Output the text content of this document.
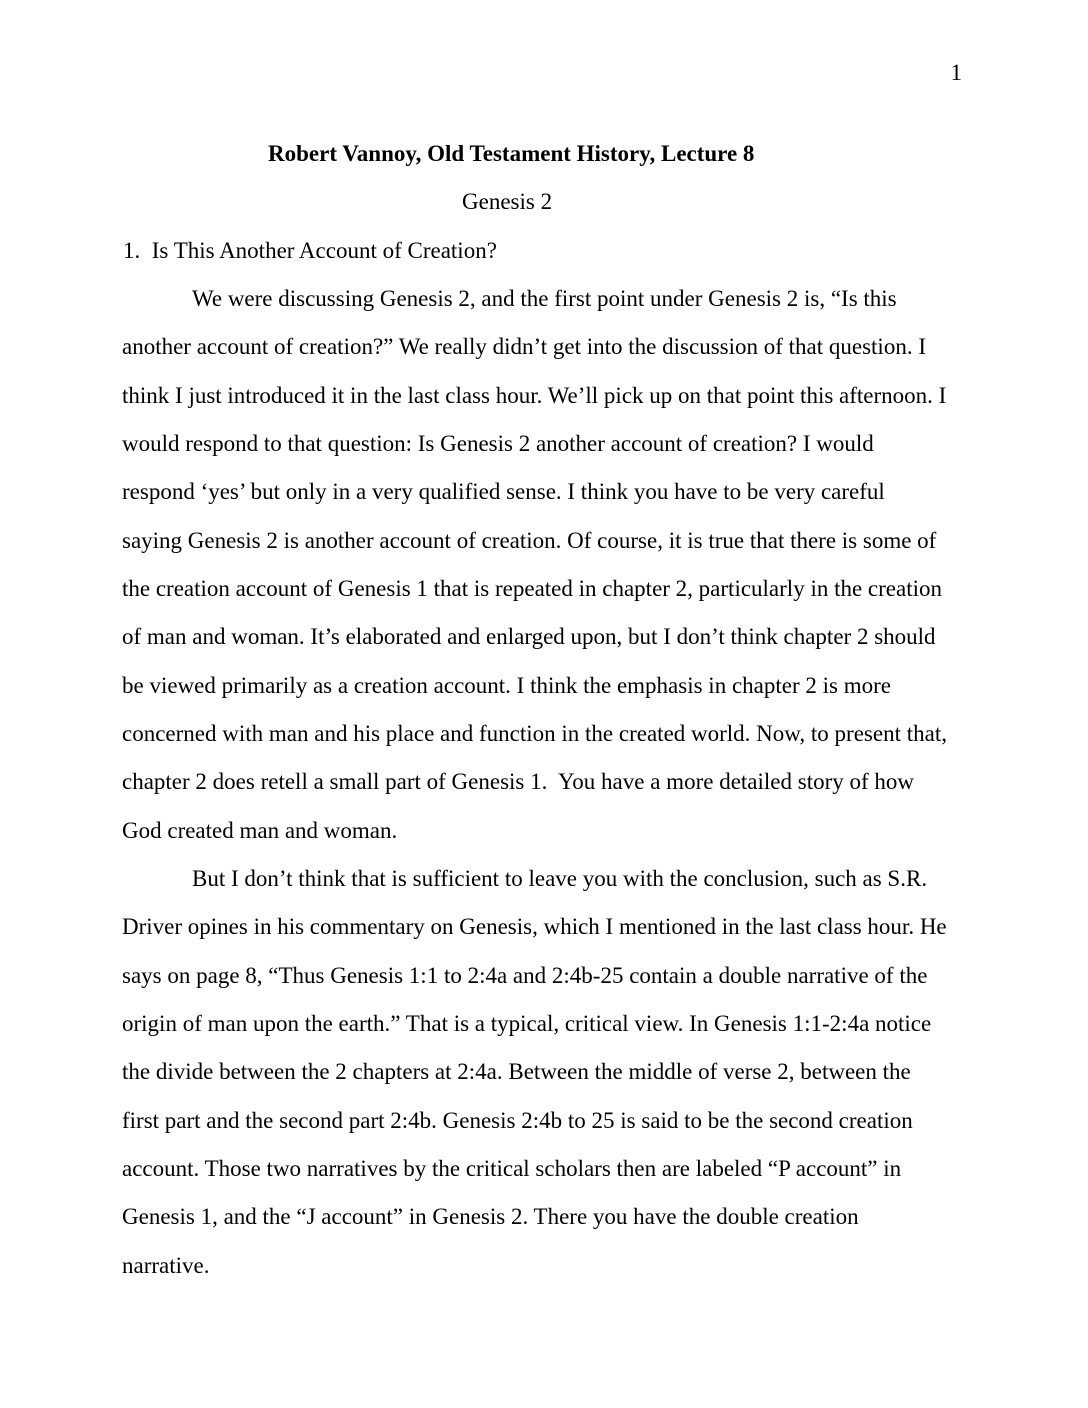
1
Robert Vannoy, Old Testament History, Lecture 8
Genesis 2
1.  Is This Another Account of Creation?
We were discussing Genesis 2, and the first point under Genesis 2 is, “Is this
another account of creation?” We really didn’t get into the discussion of that question. I
think I just introduced it in the last class hour. We’ll pick up on that point this afternoon. I
would respond to that question: Is Genesis 2 another account of creation? I would
respond ‘yes’ but only in a very qualified sense. I think you have to be very careful
saying Genesis 2 is another account of creation. Of course, it is true that there is some of
the creation account of Genesis 1 that is repeated in chapter 2, particularly in the creation
of man and woman. It’s elaborated and enlarged upon, but I don’t think chapter 2 should
be viewed primarily as a creation account. I think the emphasis in chapter 2 is more
concerned with man and his place and function in the created world. Now, to present that,
chapter 2 does retell a small part of Genesis 1.  You have a more detailed story of how
God created man and woman.
But I don’t think that is sufficient to leave you with the conclusion, such as S.R.
Driver opines in his commentary on Genesis, which I mentioned in the last class hour. He
says on page 8, “Thus Genesis 1:1 to 2:4a and 2:4b-25 contain a double narrative of the
origin of man upon the earth.” That is a typical, critical view. In Genesis 1:1-2:4a notice
the divide between the 2 chapters at 2:4a. Between the middle of verse 2, between the
first part and the second part 2:4b. Genesis 2:4b to 25 is said to be the second creation
account. Those two narratives by the critical scholars then are labeled “P account” in
Genesis 1, and the “J account” in Genesis 2. There you have the double creation
narrative.
